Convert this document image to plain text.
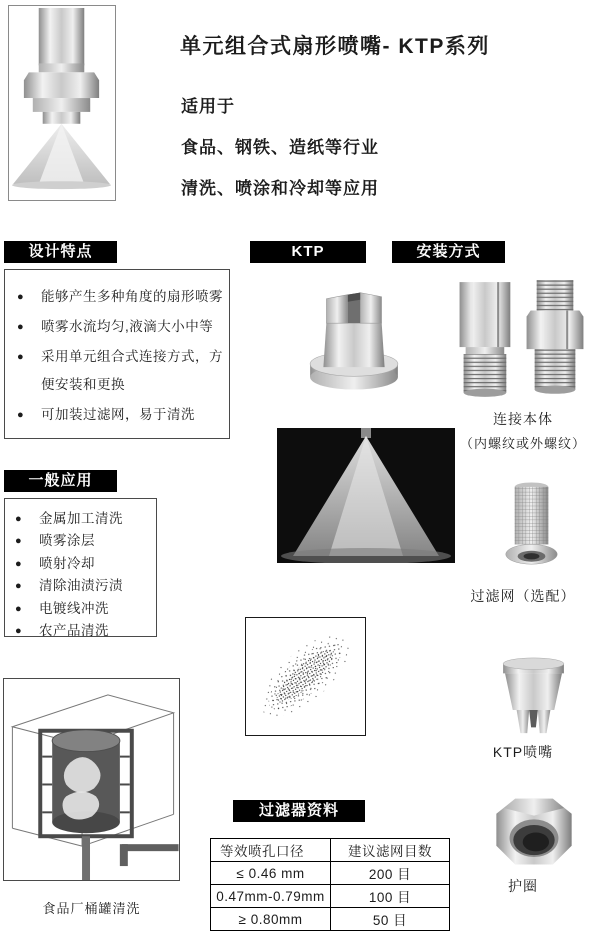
单元组合式扇形喷嘴- KTP系列
适用于
食品、钢铁、造纸等行业
清洗、喷涂和冷却等应用
设计特点	KTP	安装方式
●	能够产生多种角度的扇形喷雾
●	喷雾水流均匀,液滴大小中等
●	采用单元组合式连接方式，方便安装和更换
●	可加装过滤网，易于清洗	连接本体
（内螺纹或外螺纹）
过滤网（选配）
一般应用
●	金属加工清洗
●	喷雾涂层
●	喷射冷却
●	清除油渍污渍
●	电镀线冲洗
●	农产品清洗
KTP喷嘴
护圈
食品厂桶罐清洗
过滤器资料
等效喷孔口径	建议滤网目数
≤ 0.46 mm	200 目
0.47mm-0.79mm	100 目
≥ 0.80mm	50 目
